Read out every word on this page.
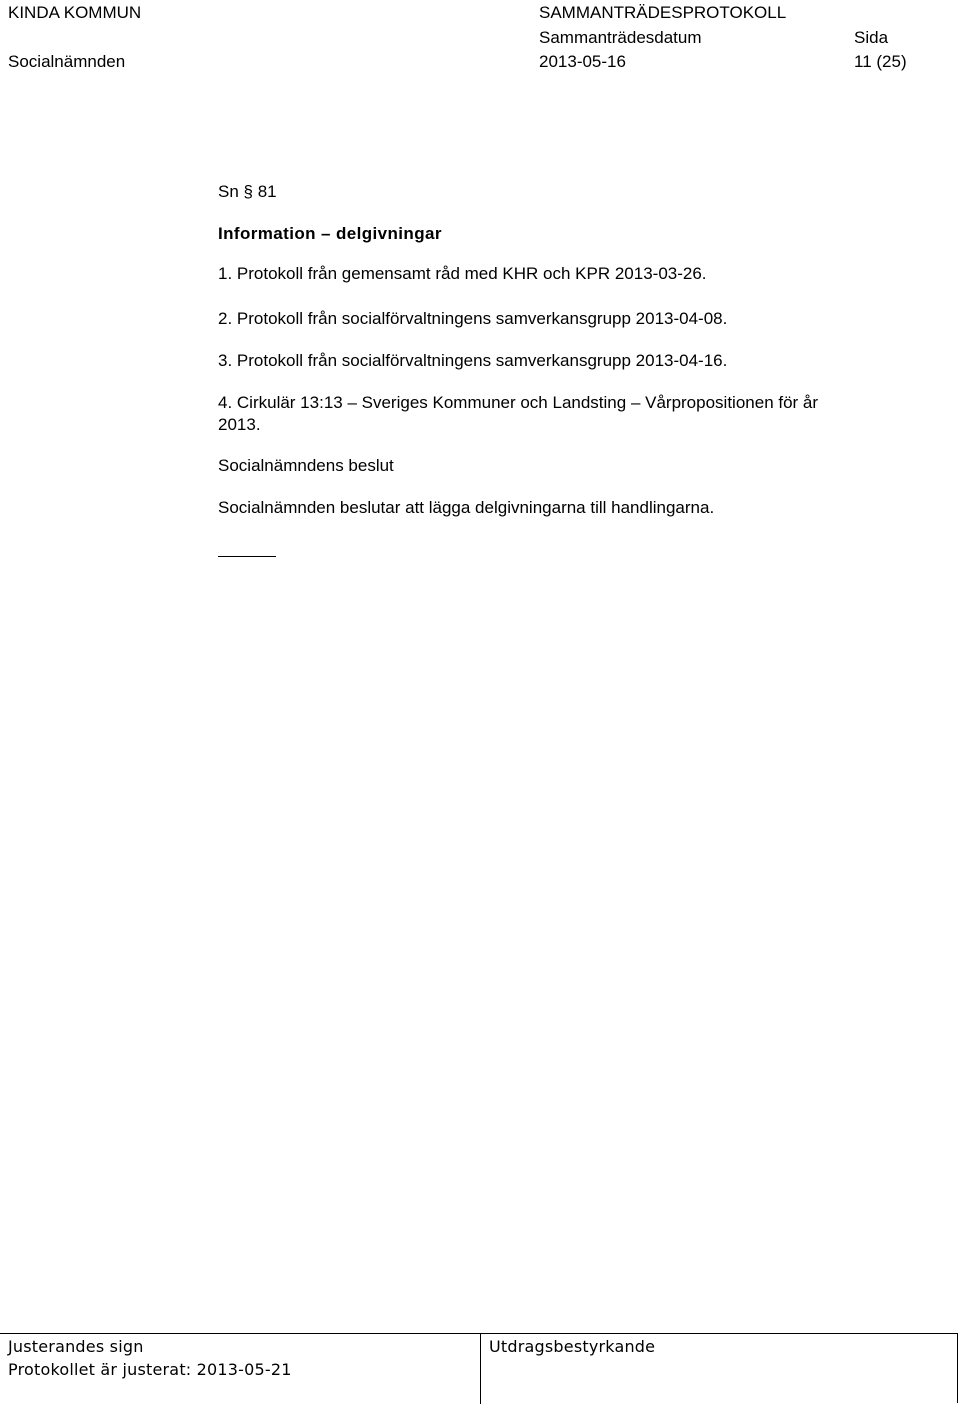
KINDA KOMMUN
Socialnämnden
SAMMANTRÄDESPROTOKOLL
Sammanträdesdatum
2013-05-16
Sida
11 (25)
Sn § 81
Information – delgivningar
1. Protokoll från gemensamt råd med KHR och KPR 2013-03-26.
2. Protokoll från socialförvaltningens samverkansgrupp 2013-04-08.
3. Protokoll från socialförvaltningens samverkansgrupp 2013-04-16.
4. Cirkulär 13:13 – Sveriges Kommuner och Landsting – Vårpropositionen för år 2013.
Socialnämndens beslut
Socialnämnden beslutar att lägga delgivningarna till handlingarna.
Justerandes sign
Protokollet är justerat: 2013-05-21
Utdragsbestyrkande
